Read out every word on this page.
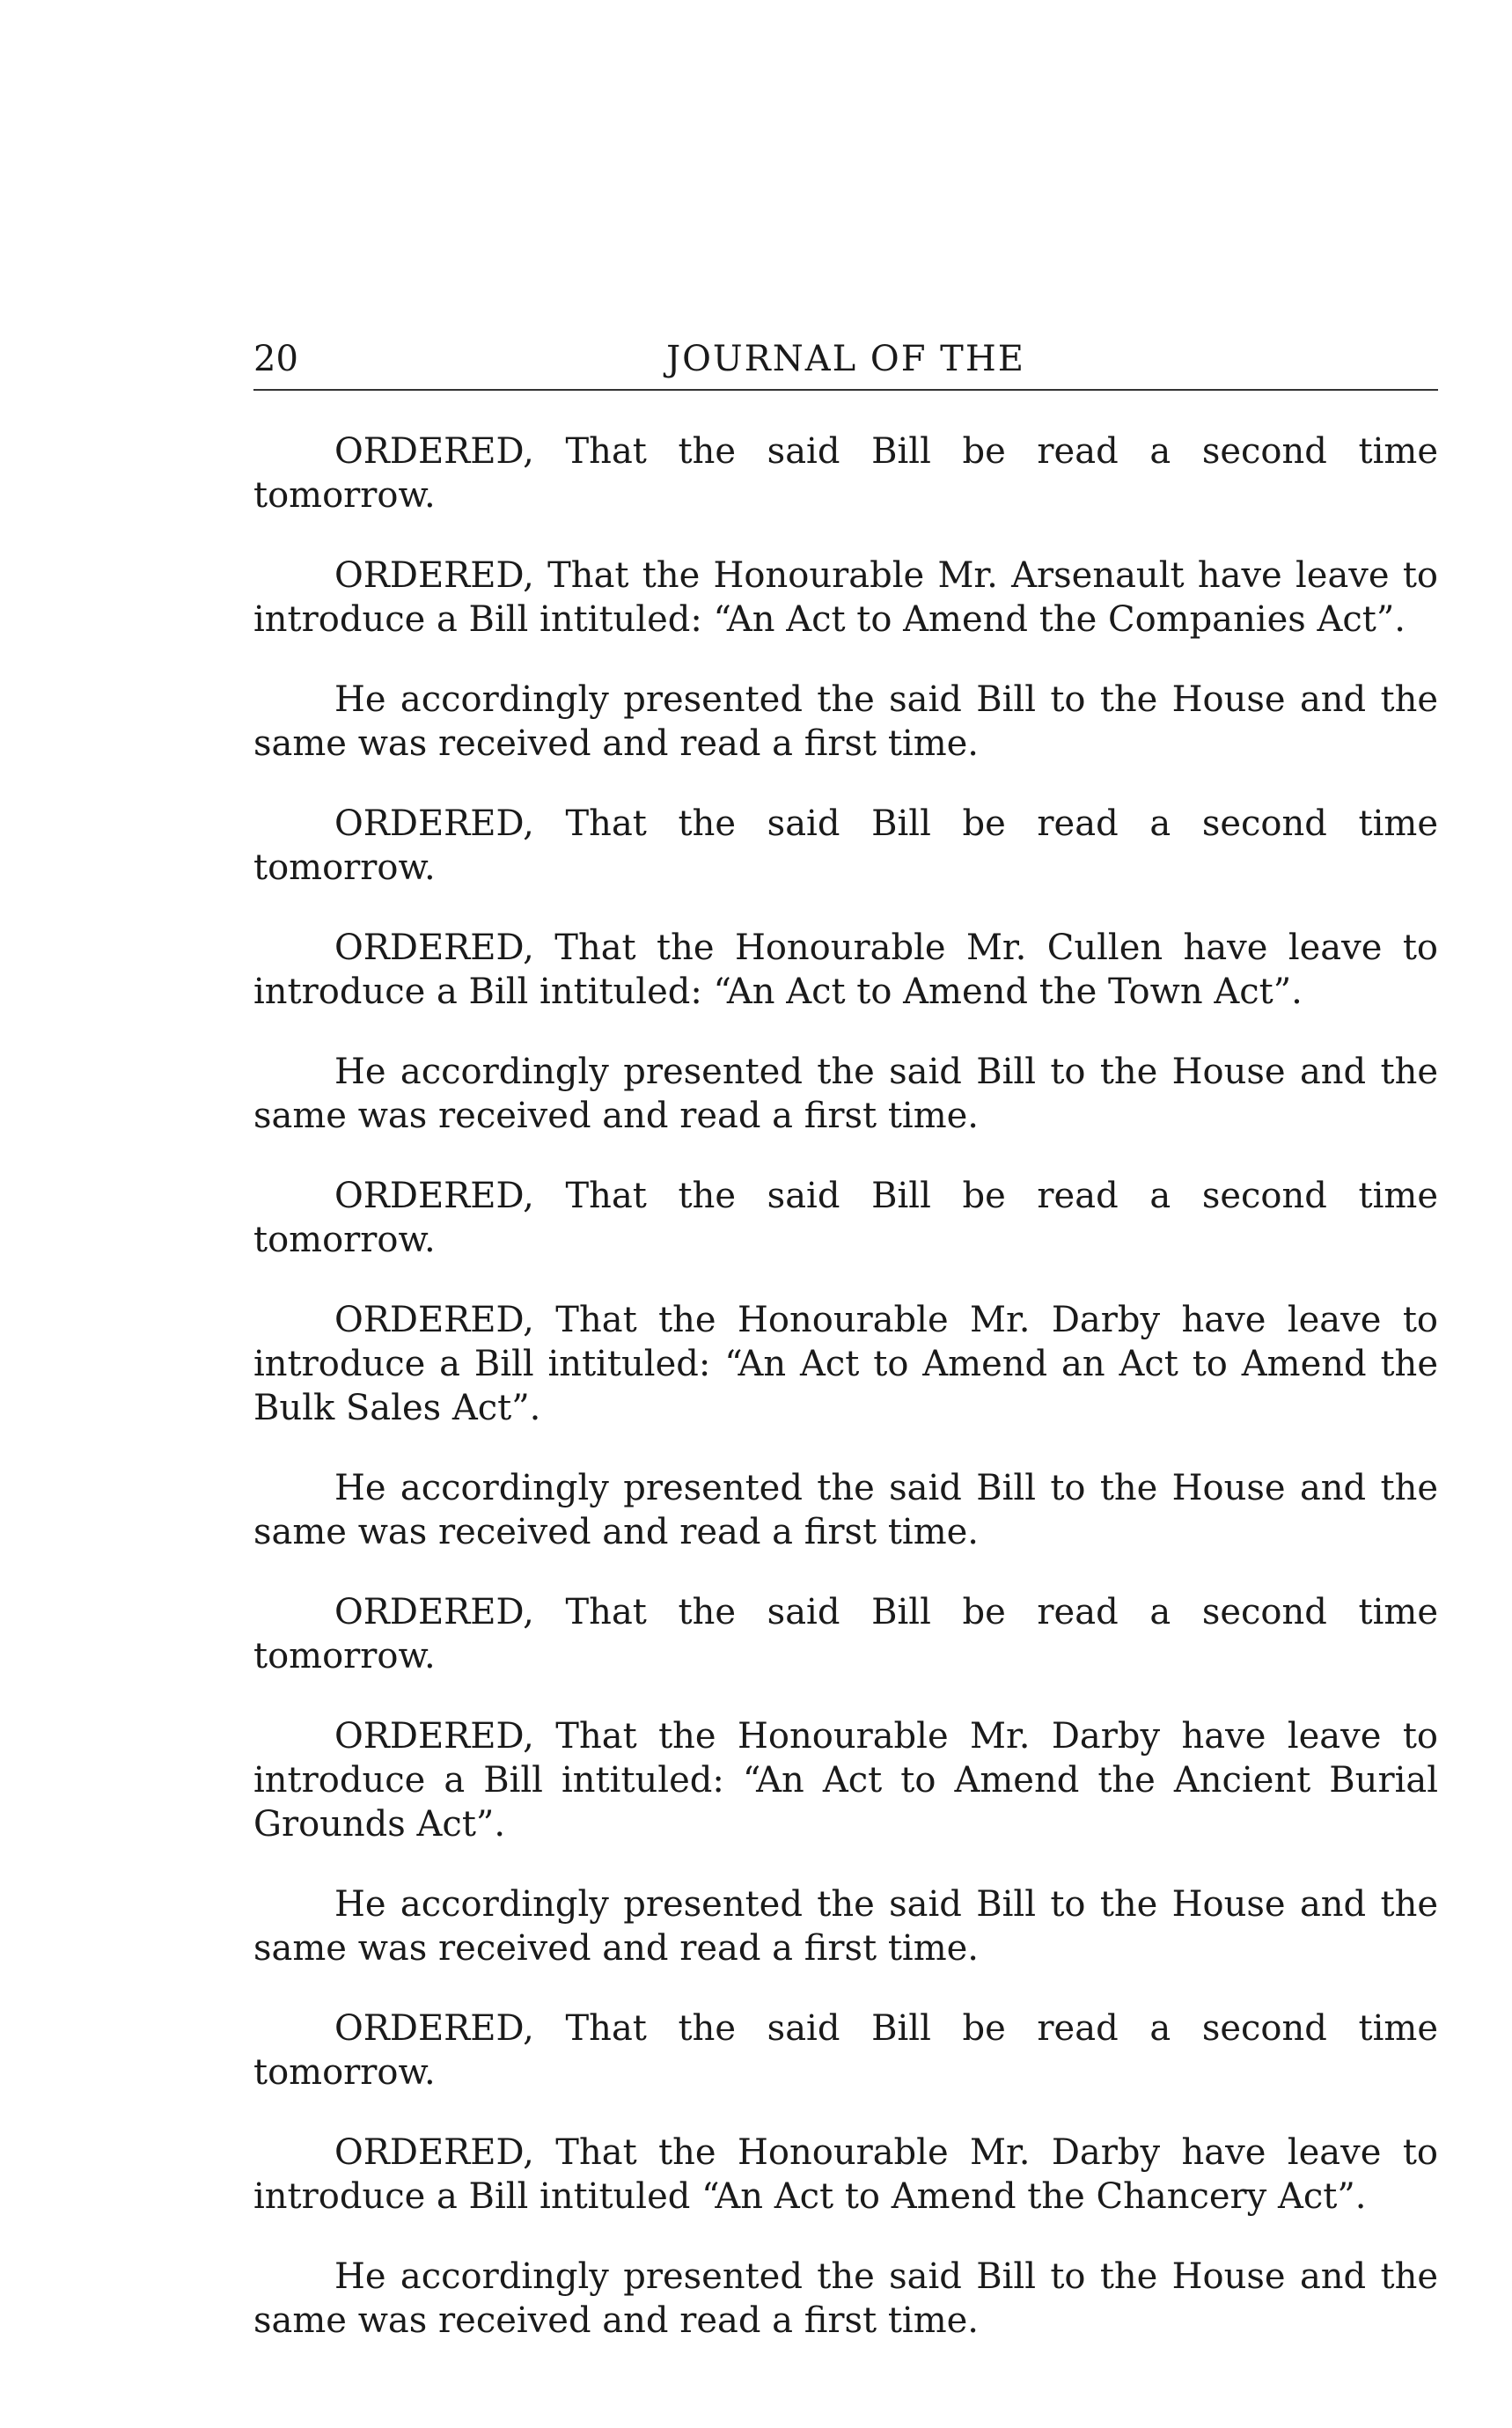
20	JOURNAL OF THE

ORDERED, That the said Bill be read a second time tomorrow.

ORDERED, That the Honourable Mr. Arsenault have leave to introduce a Bill intituled: “An Act to Amend the Companies Act”.

He accordingly presented the said Bill to the House and the same was received and read a first time.

ORDERED, That the said Bill be read a second time tomorrow.

ORDERED, That the Honourable Mr. Cullen have leave to introduce a Bill intituled: “An Act to Amend the Town Act”.

He accordingly presented the said Bill to the House and the same was received and read a first time.

ORDERED, That the said Bill be read a second time tomorrow.

ORDERED, That the Honourable Mr. Darby have leave to introduce a Bill intituled: “An Act to Amend an Act to Amend the Bulk Sales Act”.

He accordingly presented the said Bill to the House and the same was received and read a first time.

ORDERED, That the said Bill be read a second time tomorrow.

ORDERED, That the Honourable Mr. Darby have leave to introduce a Bill intituled: “An Act to Amend the Ancient Burial Grounds Act”.

He accordingly presented the said Bill to the House and the same was received and read a first time.

ORDERED, That the said Bill be read a second time tomorrow.

ORDERED, That the Honourable Mr. Darby have leave to introduce a Bill intituled “An Act to Amend the Chancery Act”.

He accordingly presented the said Bill to the House and the same was received and read a first time.
